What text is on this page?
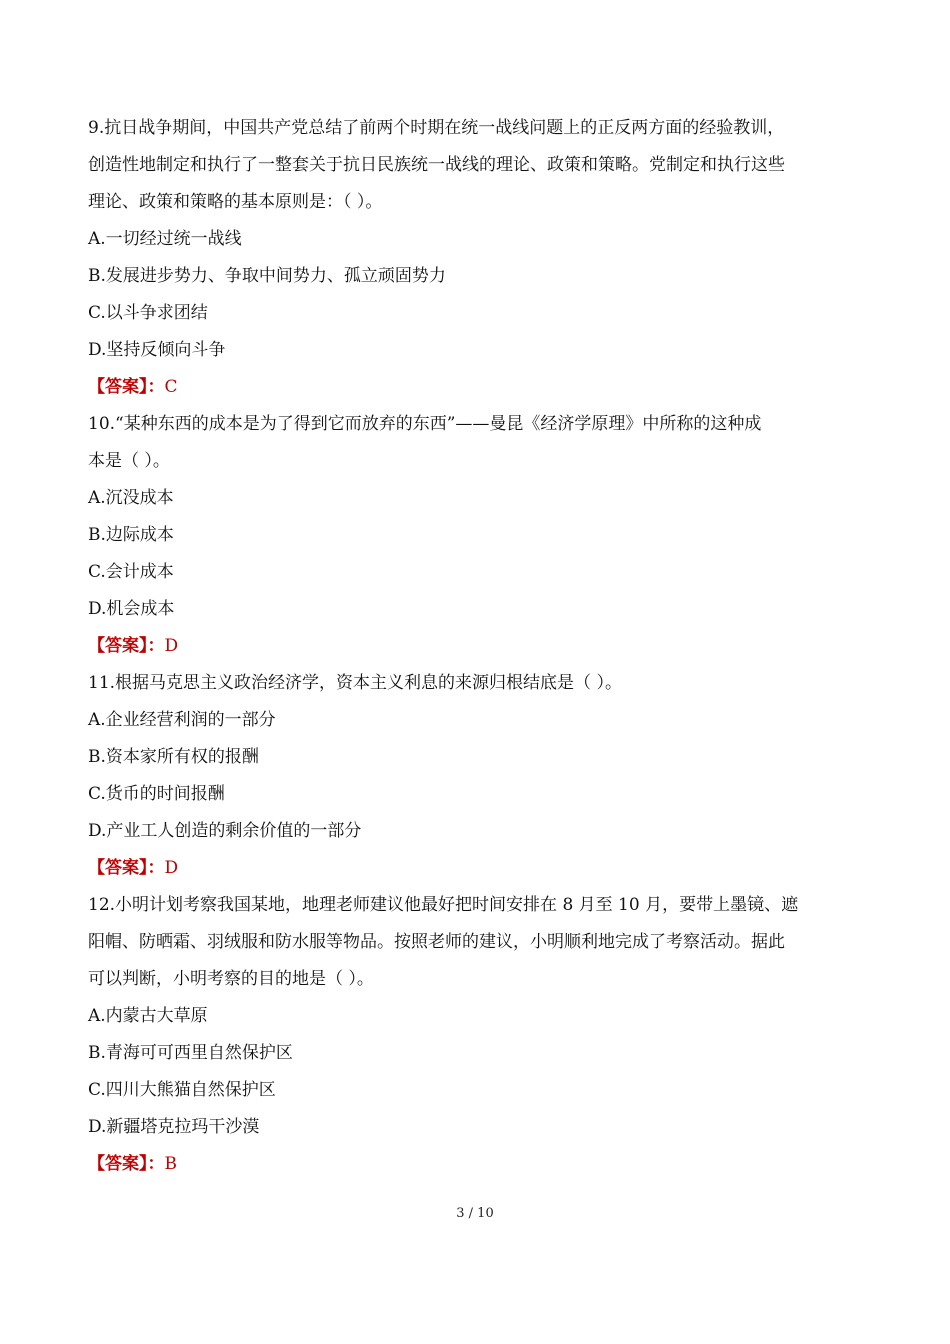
9.抗日战争期间，中国共产党总结了前两个时期在统一战线问题上的正反两方面的经验教训，
创造性地制定和执行了一整套关于抗日民族统一战线的理论、政策和策略。党制定和执行这些
理论、政策和策略的基本原则是：（ ）。
A.一切经过统一战线
B.发展进步势力、争取中间势力、孤立顽固势力
C.以斗争求团结
D.坚持反倾向斗争
【答案】：C
10.“某种东西的成本是为了得到它而放弃的东西”——曼昆《经济学原理》中所称的这种成
本是（ ）。
A.沉没成本
B.边际成本
C.会计成本
D.机会成本
【答案】：D
11.根据马克思主义政治经济学，资本主义利息的来源归根结底是（ ）。
A.企业经营利润的一部分
B.资本家所有权的报酬
C.货币的时间报酬
D.产业工人创造的剩余价值的一部分
【答案】：D
12.小明计划考察我国某地，地理老师建议他最好把时间安排在 8 月至 10 月，要带上墨镜、遮
阳帽、防晒霜、羽绒服和防水服等物品。按照老师的建议，小明顺利地完成了考察活动。据此
可以判断，小明考察的目的地是（ ）。
A.内蒙古大草原
B.青海可可西里自然保护区
C.四川大熊猫自然保护区
D.新疆塔克拉玛干沙漠
【答案】：B
3 / 10
